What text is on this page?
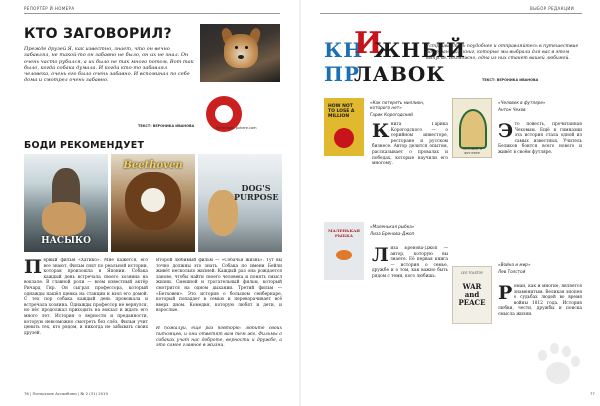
РЕПОРТЁР Й НОМЕРА
КТО ЗАГОВОРИЛ?
Прежде друзей Я, как известно, знает, что он вечно забавлял, не такой-то он забавно не было, он их не знал. Он очень часто рубился, а их было не так много потом. Вот так было, когда собака думала. И когда кто-то забавлял человека, очень его было очень забавно. И вспоминал по себе дома и смотрел очень забавно.
ТЕКСТ: ВЕРОНИКА ИВАНОВА	Источник: pxhere.com
БОДИ РЕКОМЕНДУЕТ
НАСЫКО
Beethoven
DOG'S PURPOSE
Первый фильм «Хатико». Мне кажется, его все знают. Фильм снят по реальной истории, которая произошла в Японии. Собака каждый день встречала своего хозяина на вокзале. В главной роли — всем известный актёр Ричард Гир. Он сыграл профессора, который однажды нашёл щенка на станции и взял его домой. С тех пор собака каждый день провожала и встречала хозяина. Однажды профессор не вернулся, но пёс продолжал приходить на вокзал и ждать его много лет. История о верности и преданности, которую невозможно смотреть без слёз. Фильм учит ценить тех, кто рядом, и никогда не забывать своих друзей.
Второй любимый фильм — «Собачья жизнь». Тут вы точно должны это знать. Собака по имени Бейли живёт несколько жизней. Каждый раз она рождается заново, чтобы найти своего человека и понять смысл жизни. Смешной и трогательный фильм, который смотрится на одном дыхании. Третий фильм — «Бетховен». Это история о большом сенбернаре, который попадает в семью и переворачивает всё вверх дном. Комедия, которую любят и дети, и взрослые.
И пожалуй, ещё раз повторю: любите своих питомцев, и они ответят вам тем же. Фильмы о собаках учат нас доброте, верности и дружбе, а это самое главное в жизни.
76 | Питерские Ассамблеи | № 2 (31) 2019
ВЫБОР РЕДАКЦИИ
КН
И
ЖНЫЙ
ПР
ЛАВОК
Устраивайтесь поудобнее и отправляйтесь в путешествие по страницам книг, которые мы выбрали для вас в этом выпуске. Возможно, одна из них станет вашей любимой.
ТЕКСТ: ВЕРОНИКА ИВАНОВА
HOW NOT TO LOSE A MILLION
«Как потерять миллион, которого нет»
Гарик Корогодский
Книга Гарика Корогодского — о серийном инвесторе, ресторане и русском бизнесе. Автор делится опытом, рассказывает о провалах и победах, которые научили его многому.
ЧЕЛОВЕК В ФУТЛЯРЕ
«Человек в футляре»
Антон Чехов
Это повесть, прочитанная Чеховым. Ещё в гимназии эта история стала одной из самых известных. Учитель Беликов боится всего нового и живёт в своём футляре.
МАЛЕНЬКАЯ РЫБКА
«Маленькая рыбка»
Лиза Бренова-Джоп
Лиза Бренова-Джоп — автор, которую вы знаете. Её первая книга — история о семье, дружбе и о том, как важно быть рядом с теми, кого любишь.
LEO TOLSTOY
WAR and PEACE
«Война и мир»
Лев Толстой
Роман, как и многие, является знаменитым. Великая эпопея о судьбах людей во время войны 1812 года. История любви, чести, дружбы и поиска смысла жизни.
77
